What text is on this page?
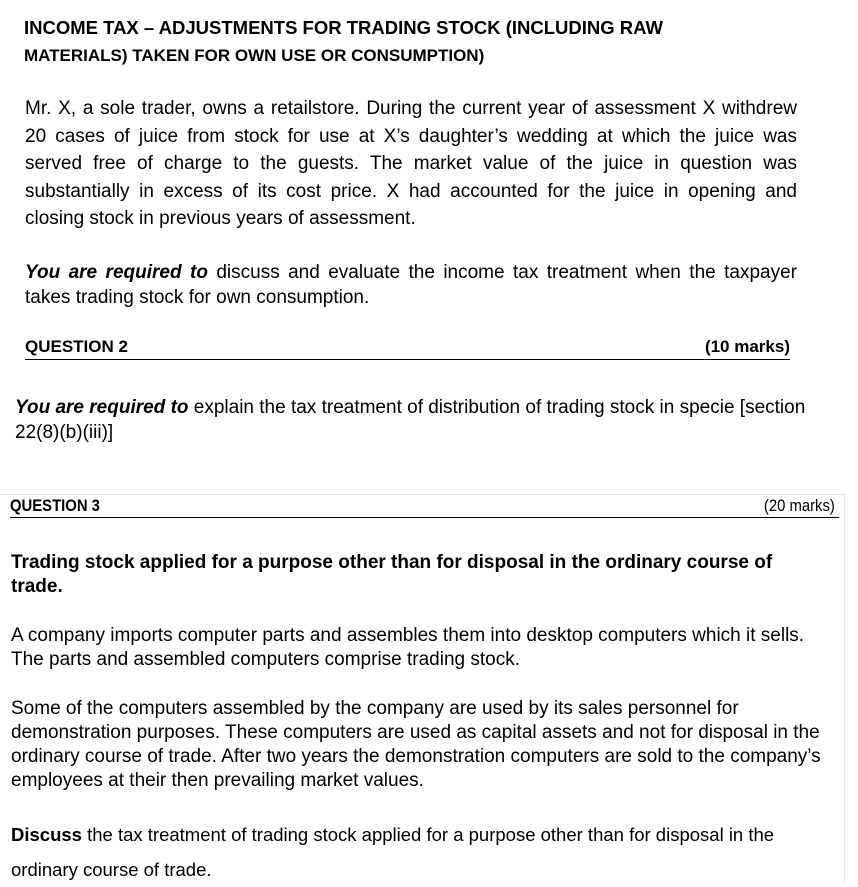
INCOME TAX – ADJUSTMENTS FOR TRADING STOCK (INCLUDING RAW
MATERIALS) TAKEN FOR OWN USE OR CONSUMPTION)

Mr. X, a sole trader, owns a retailstore. During the current year of assessment X withdrew 20 cases of juice from stock for use at X’s daughter’s wedding at which the juice was served free of charge to the guests. The market value of the juice in question was substantially in excess of its cost price. X had accounted for the juice in opening and closing stock in previous years of assessment.

You are required to discuss and evaluate the income tax treatment when the taxpayer takes trading stock for own consumption.

QUESTION 2	(10 marks)

You are required to explain the tax treatment of distribution of trading stock in specie [section 22(8)(b)(iii)]

QUESTION 3	(20 marks)

Trading stock applied for a purpose other than for disposal in the ordinary course of trade.

A company imports computer parts and assembles them into desktop computers which it sells. The parts and assembled computers comprise trading stock.

Some of the computers assembled by the company are used by its sales personnel for demonstration purposes. These computers are used as capital assets and not for disposal in the ordinary course of trade. After two years the demonstration computers are sold to the company’s employees at their then prevailing market values.

Discuss the tax treatment of trading stock applied for a purpose other than for disposal in the ordinary course of trade.
